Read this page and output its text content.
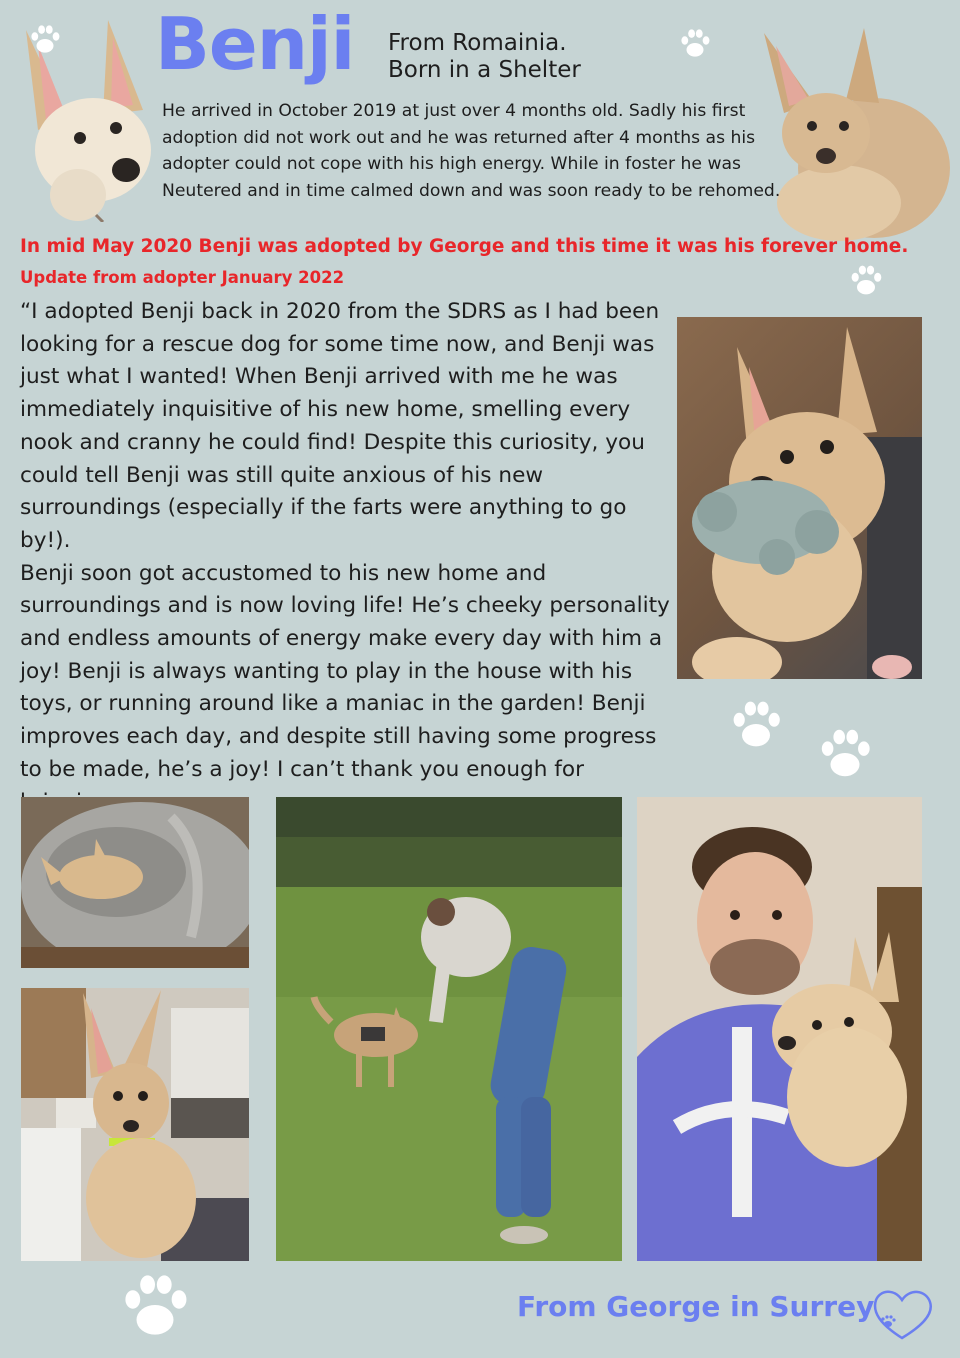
Benji From Romainia.
Born in a Shelter
He arrived in October 2019 at just over 4 months old. Sadly his first
adoption did not work out and he was returned after 4 months as his
adopter could not cope with his high energy. While in foster he was
Neutered and in time calmed down and was soon ready to be rehomed.
In mid May 2020 Benji was adopted by George and this time it was his forever home.
Update from adopter January 2022
“I adopted Benji back in 2020 from the SDRS as I had been
looking for a rescue dog for some time now, and Benji was
just what I wanted! When Benji arrived with me he was
immediately inquisitive of his new home, smelling every
nook and cranny he could find! Despite this curiosity, you
could tell Benji was still quite anxious of his new
surroundings (especially if the farts were anything to go by!).
Benji soon got accustomed to his new home and
surroundings and is now loving life! He’s cheeky personality
and endless amounts of energy make every day with him a
joy! Benji is always wanting to play in the house with his
toys, or running around like a maniac in the garden! Benji
improves each day, and despite still having some progress
to be made, he’s a joy! I can’t thank you enough for
From George in Surrey
